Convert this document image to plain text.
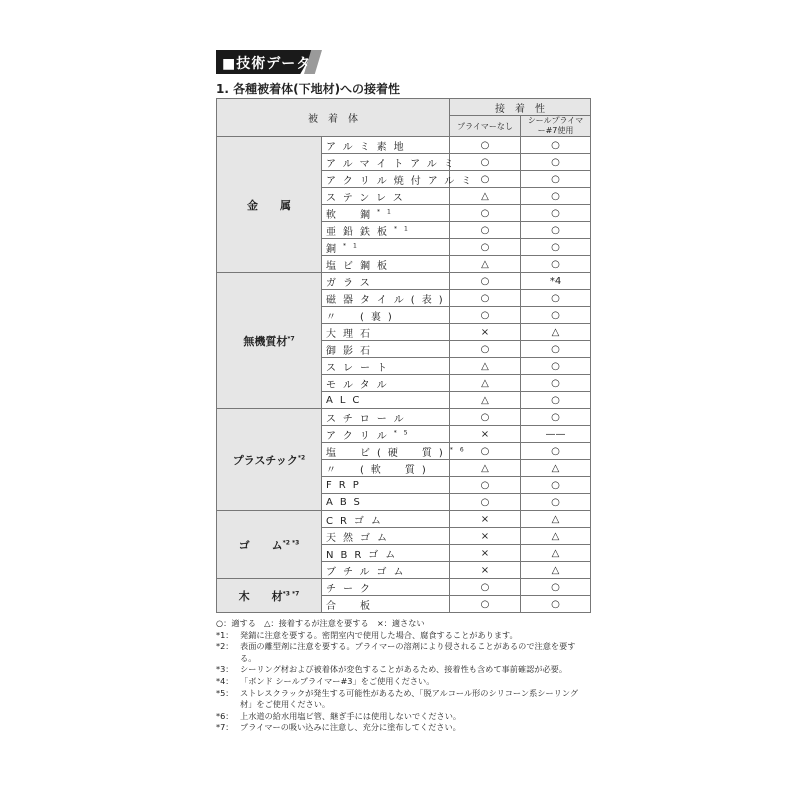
■技術データ
1. 各種被着体(下地材)への接着性
被　着　体		接　着　性	
		プライマーなし	シールプライマー#7使用
金　　属	アルミ素地	○	○
	アルマイトアルミ	○	○
	アクリル焼付アルミ	○	○
	ステンレス	△	○
	軟　鋼$^{*1}$	○	○
	亜鉛鉄板$^{*1}$	○	○
	銅$^{*1}$	○	○
	塩ビ鋼板	△	○
無機質材$^{*7}$	ガラス	○	*4
	磁器タイル(表)	○	○
	〃　(裏)	○	○
	大理石	×	△
	御影石	○	○
	スレート	△	○
	モルタル	△	○
	ALC	△	○
プラスチック$^{*2}$	スチロール	○	○
	アクリル$^{*5}$	×	——
	塩　ビ(硬　質)$^{*6}$	○	○
	〃　(軟　質)	△	△
	FRP	○	○
	ABS	○	○
ゴ　　ム$^{*2 *3}$	CRゴム	×	△
	天然ゴム	×	△
	NBRゴム	×	△
	ブチルゴム	×	△
木　　材$^{*3 *7}$	チーク	○	○
	合　板	○	○
○：適する　△：接着するが注意を要する　×：適さない
*1： 発錆に注意を要する。密閉室内で使用した場合、腐食することがあります。
*2： 表面の離型剤に注意を要する。プライマーの溶剤により侵されることがあるので注意を要する。
*3： シーリング材および被着体が変色することがあるため、接着性も含めて事前確認が必要。
*4： 「ボンド シールプライマー#3」をご使用ください。
*5： ストレスクラックが発生する可能性があるため、「脱アルコール形のシリコーン系シーリング材」をご使用ください。
*6： 上水道の給水用塩ビ管、継ぎ手には使用しないでください。
*7： プライマーの吸い込みに注意し、充分に塗布してください。
